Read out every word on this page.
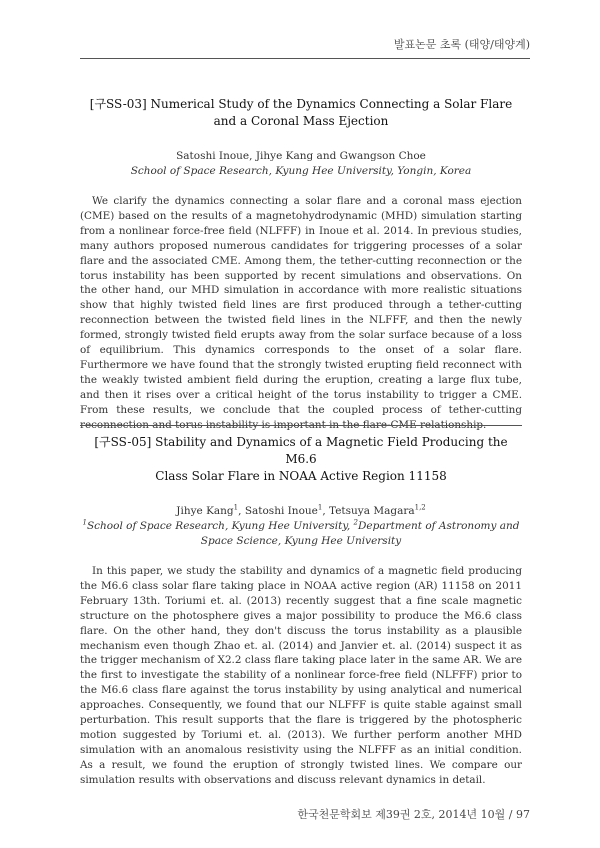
발표논문 초록 (태양/태양계)

[구SS-03] Numerical Study of the Dynamics Connecting a Solar Flare
and a Coronal Mass Ejection

Satoshi Inoue, Jihye Kang and Gwangson Choe
School of Space Research, Kyung Hee University, Yongin, Korea
We clarify the dynamics connecting a solar flare and a coronal mass ejection (CME) based on the results of a magnetohydrodynamic (MHD) simulation starting from a nonlinear force-free field (NLFFF) in Inoue et al. 2014. In previous studies, many authors proposed numerous candidates for triggering processes of a solar flare and the associated CME. Among them, the tether-cutting reconnection or the torus instability has been supported by recent simulations and observations. On the other hand, our MHD simulation in accordance with more realistic situations show that highly twisted field lines are first produced through a tether-cutting reconnection between the twisted field lines in the NLFFF, and then the newly formed, strongly twisted field erupts away from the solar surface because of a loss of equilibrium. This dynamics corresponds to the onset of a solar flare. Furthermore we have found that the strongly twisted erupting field reconnect with the weakly twisted ambient field during the eruption, creating a large flux tube, and then it rises over a critical height of the torus instability to trigger a CME. From these results, we conclude that the coupled process of tether-cutting reconnection and torus instability is important in the flare-CME relationship.

[구SS-05] Stability and Dynamics of a Magnetic Field Producing the M6.6
Class Solar Flare in NOAA Active Region 11158

Jihye Kang$^1$, Satoshi Inoue$^1$, Tetsuya Magara$^{1,2}$
$^1$School of Space Research, Kyung Hee University, $^2$Department of Astronomy and
Space Science, Kyung Hee University
In this paper, we study the stability and dynamics of a magnetic field producing the M6.6 class solar flare taking place in NOAA active region (AR) 11158 on 2011 February 13th. Toriumi et. al. (2013) recently suggest that a fine scale magnetic structure on the photosphere gives a major possibility to produce the M6.6 class flare. On the other hand, they don't discuss the torus instability as a plausible mechanism even though Zhao et. al. (2014) and Janvier et. al. (2014) suspect it as the trigger mechanism of X2.2 class flare taking place later in the same AR. We are the first to investigate the stability of a nonlinear force-free field (NLFFF) prior to the M6.6 class flare against the torus instability by using analytical and numerical approaches. Consequently, we found that our NLFFF is quite stable against small perturbation. This result supports that the flare is triggered by the photospheric motion suggested by Toriumi et. al. (2013). We further perform another MHD simulation with an anomalous resistivity using the NLFFF as an initial condition. As a result, we found the eruption of strongly twisted lines. We compare our simulation results with observations and discuss relevant dynamics in detail.
한국천문학회보 제39권 2호, 2014년 10월 / 97
